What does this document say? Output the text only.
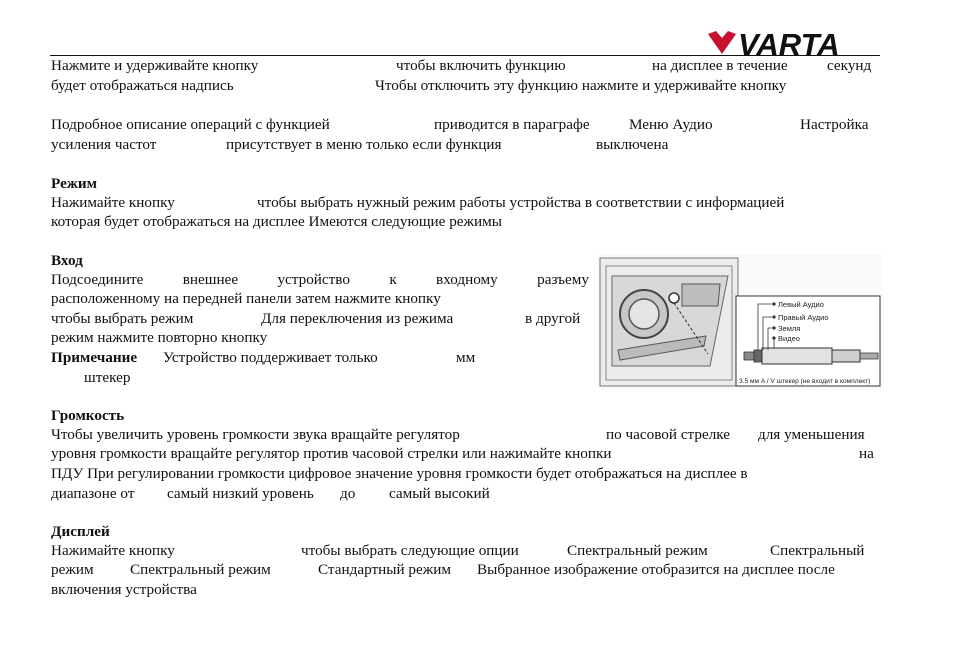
VARTA
Нажмите и удерживайте кнопку	чтобы включить функцию	на дисплее в течение	секунд
будет отображаться надпись	Чтобы отключить эту функцию нажмите и удерживайте кнопку
Подробное описание операций с функцией	приводится в параграфе	Меню Аудио	Настройка
усиления частот	присутствует в меню только если функция	выключена
Режим
Нажимайте кнопку	чтобы выбрать нужный режим работы устройства в соответствии с информацией
которая будет отображаться на дисплее Имеются следующие режимы
Вход
Подсоедините	внешнее	устройство	к	входному	разъему
расположенному на передней панели затем нажмите кнопку
чтобы выбрать режим	Для переключения из режима	в другой
режим нажмите повторно кнопку
Примечание Устройство поддерживает только	мм
штекер
Левый Аудио
Правый Аудио
Земля
Видео
3.5 мм A / V штекер (не входит в комплект)
Громкость
Чтобы увеличить уровень громкости звука вращайте регулятор	по часовой стрелке для уменьшения
уровня громкости вращайте регулятор против часовой стрелки или нажимайте кнопки	на
ПДУ При регулировании громкости цифровое значение уровня громкости будет отображаться на дисплее в
диапазоне от самый низкий уровень до самый высокий
Дисплей
Нажимайте кнопку	чтобы выбрать следующие опции	Спектральный режим	Спектральный
режим Спектральный режим	Стандартный режим Выбранное изображение отобразится на дисплее после
включения устройства
